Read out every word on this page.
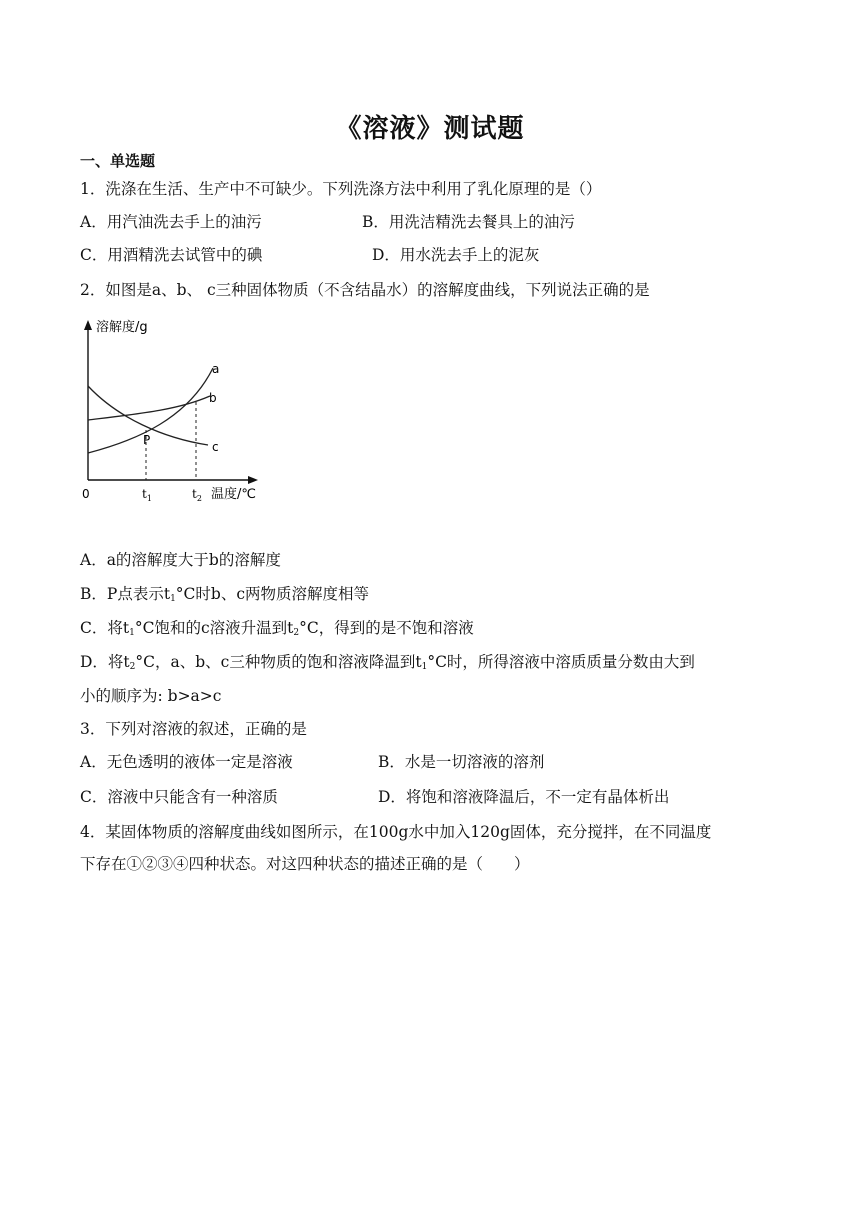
《溶液》测试题
一、单选题
1．洗涤在生活、生产中不可缺少。下列洗涤方法中利用了乳化原理的是（）
A．用汽油洗去手上的油污	B．用洗洁精洗去餐具上的油污
C．用酒精洗去试管中的碘	D．用水洗去手上的泥灰
2．如图是a、b、 c三种固体物质（不含结晶水）的溶解度曲线，下列说法正确的是
溶解度/g
a
b
c
P
0	$t_1$	$t_2$ 温度/℃
A．a的溶解度大于b的溶解度
B．P点表示$t_1^\circ C$时b、c两物质溶解度相等
C．将$t_1^\circ C$饱和的c溶液升温到$t_2^\circ C$，得到的是不饱和溶液
D．将$t_2^\circ C$，a、b、c三种物质的饱和溶液降温到$t_1^\circ C$时，所得溶液中溶质质量分数由大到
小的顺序为: b>a>c
3．下列对溶液的叙述，正确的是
A．无色透明的液体一定是溶液	B．水是一切溶液的溶剂
C．溶液中只能含有一种溶质	D．将饱和溶液降温后，不一定有晶体析出
4．某固体物质的溶解度曲线如图所示，在100g水中加入120g固体，充分搅拌，在不同温度
下存在①②③④四种状态。对这四种状态的描述正确的是（　　）
